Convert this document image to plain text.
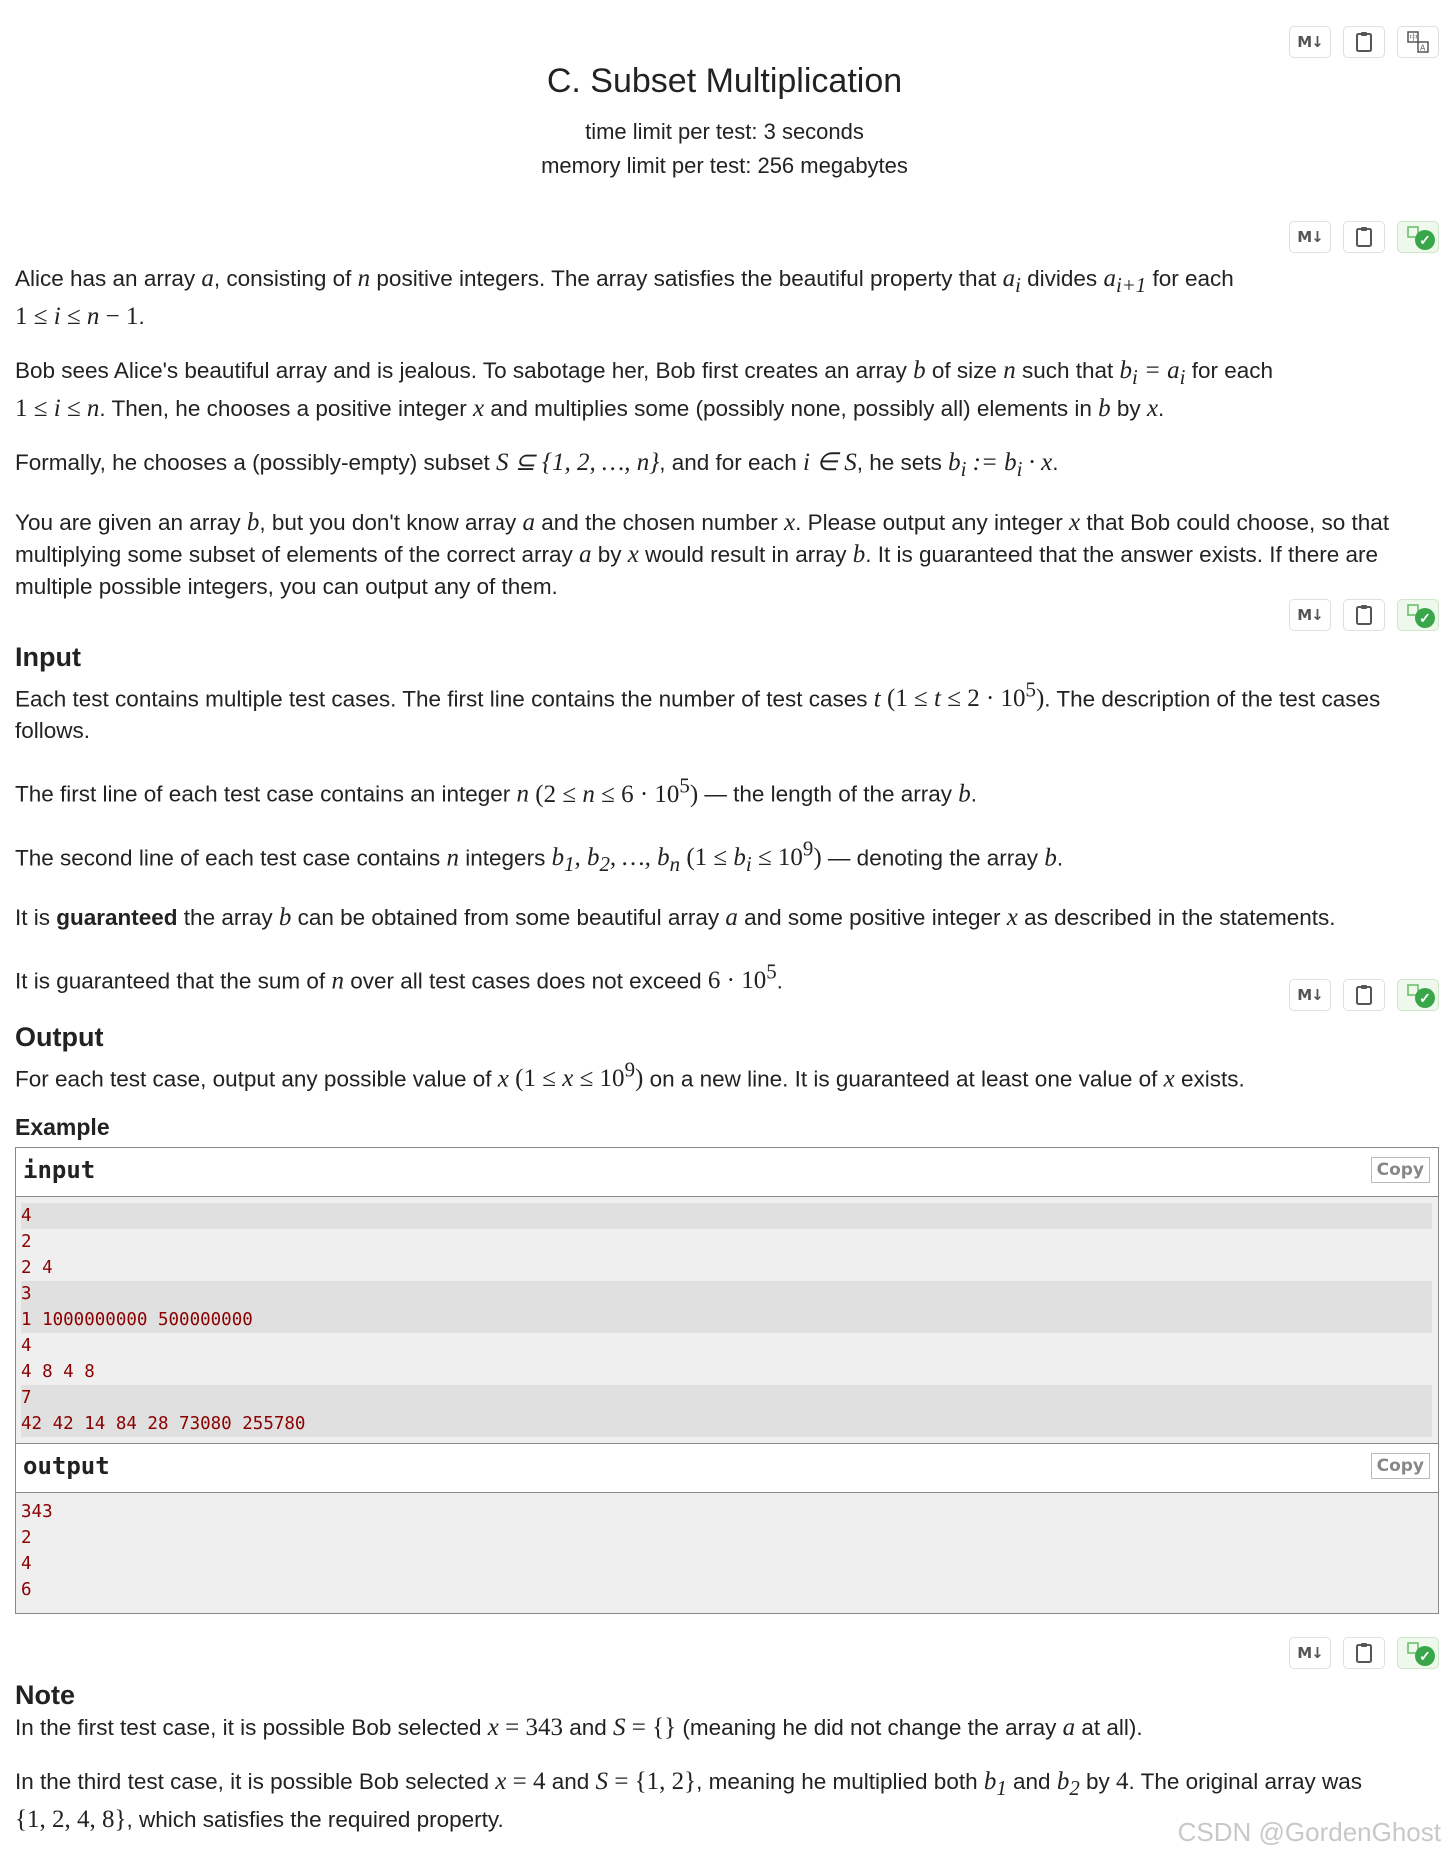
M↓	中
A
C. Subset Multiplication
time limit per test: 3 seconds
memory limit per test: 256 megabytes
M↓	✓

Alice has an array a, consisting of n positive integers. The array satisfies the beautiful property that $a_i$ divides $a_{i+1}$ for each
1 ≤ i ≤ n − 1.

Bob sees Alice's beautiful array and is jealous. To sabotage her, Bob first creates an array b of size n such that $b_i = a_i$ for each
1 ≤ i ≤ n. Then, he chooses a positive integer x and multiplies some (possibly none, possibly all) elements in b by x.

Formally, he chooses a (possibly-empty) subset S ⊆ {1, 2, …, n}, and for each i ∈ S, he sets $b_i$ := $b_i \cdot x$.

You are given an array b, but you don't know array a and the chosen number x. Please output any integer x that Bob could choose, so that multiplying some subset of elements of the correct array a by x would result in array b. It is guaranteed that the answer exists. If there are multiple possible integers, you can output any of them.

M↓	✓
Input

Each test contains multiple test cases. The first line contains the number of test cases t $(1 \le t \le 2 \cdot 10^5)$. The description of the test cases follows.

The first line of each test case contains an integer n $(2 \le n \le 6 \cdot 10^5)$ — the length of the array b.

The second line of each test case contains n integers $b_1$, $b_2$, …, $b_n$ $(1 \le b_i \le 10^9)$ — denoting the array b.

It is guaranteed the array b can be obtained from some beautiful array a and some positive integer x as described in the statements.

It is guaranteed that the sum of n over all test cases does not exceed $6 \cdot 10^5$.

M↓	✓
Output

For each test case, output any possible value of x $(1 \le x \le 10^9)$ on a new line. It is guaranteed at least one value of x exists.

Example
input	Copy
4
2
2 4
3
1 1000000000 500000000
4
4 8 4 8
7
42 42 14 84 28 73080 255780
output	Copy
343
2
4
6
M↓	✓
Note

In the first test case, it is possible Bob selected x = 343 and S = {} (meaning he did not change the array a at all).

In the third test case, it is possible Bob selected x = 4 and S = {1, 2}, meaning he multiplied both $b_1$ and $b_2$ by 4. The original array was
{1, 2, 4, 8}, which satisfies the required property.	CSDN @GordenGhost
